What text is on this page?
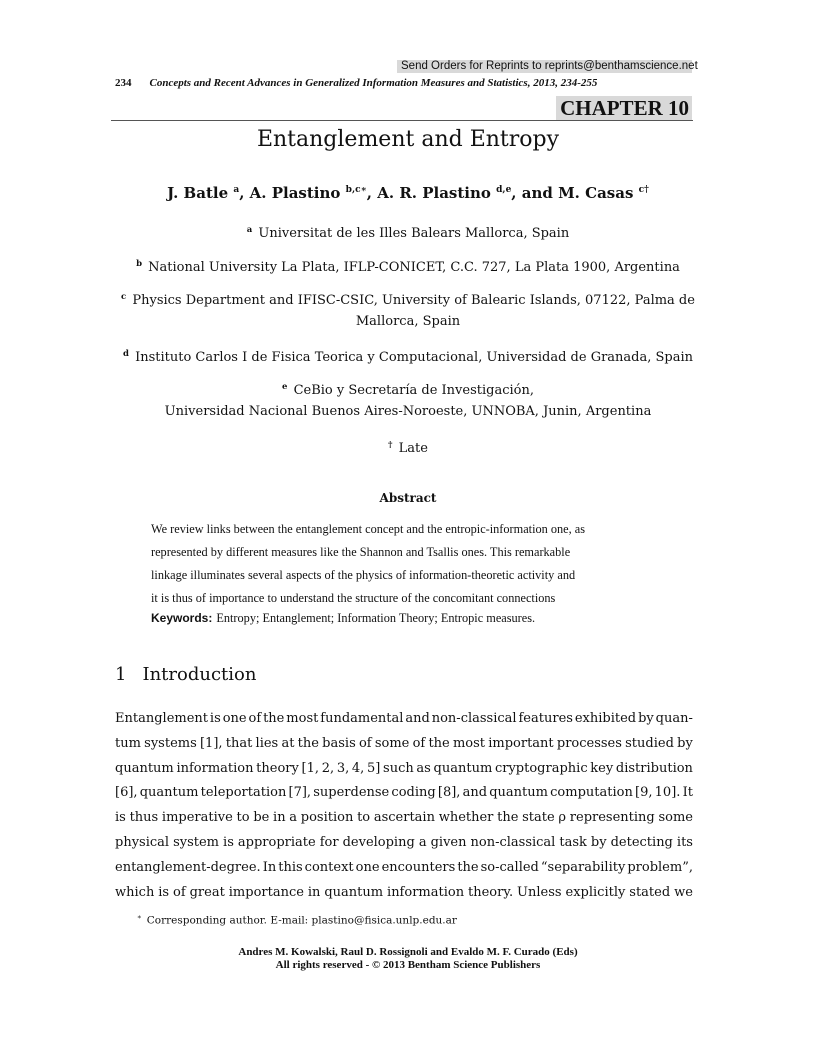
Send Orders for Reprints to reprints@benthamscience.net
234 Concepts and Recent Advances in Generalized Information Measures and Statistics, 2013, 234-255
CHAPTER 10
Entanglement and Entropy
J. Batle $^a$, A. Plastino $^{b,c∗}$, A. R. Plastino $^{d,e}$, and M. Casas $^{c\dagger}$
$^a$ Universitat de les Illes Balears Mallorca, Spain
$^b$ National University La Plata, IFLP-CONICET, C.C. 727, La Plata 1900, Argentina
$^c$ Physics Department and IFISC-CSIC, University of Balearic Islands, 07122, Palma de
Mallorca, Spain
$^d$ Instituto Carlos I de Fisica Teorica y Computacional, Universidad de Granada, Spain
$^e$ CeBio y Secretaría de Investigación,
Universidad Nacional Buenos Aires-Noroeste, UNNOBA, Junin, Argentina
† Late
Abstract

We review links between the entanglement concept and the entropic-information one, as

represented by different measures like the Shannon and Tsallis ones. This remarkable

linkage illuminates several aspects of the physics of information-theoretic activity and

it is thus of importance to understand the structure of the concomitant connections

Keywords: Entropy; Entanglement; Information Theory; Entropic measures.
1 Introduction
Entanglement is one of the most fundamental and non-classical features exhibited by quan-
tum systems [1], that lies at the basis of some of the most important processes studied by
quantum information theory [1, 2, 3, 4, 5] such as quantum cryptographic key distribution
[6], quantum teleportation [7], superdense coding [8], and quantum computation [9, 10]. It
is thus imperative to be in a position to ascertain whether the state ρ representing some
physical system is appropriate for developing a given non-classical task by detecting its
entanglement-degree. In this context one encounters the so-called “separability problem”,
which is of great importance in quantum information theory. Unless explicitly stated we
∗ Corresponding author. E-mail: plastino@fisica.unlp.edu.ar
Andres M. Kowalski, Raul D. Rossignoli and Evaldo M. F. Curado (Eds)
All rights reserved - © 2013 Bentham Science Publishers
